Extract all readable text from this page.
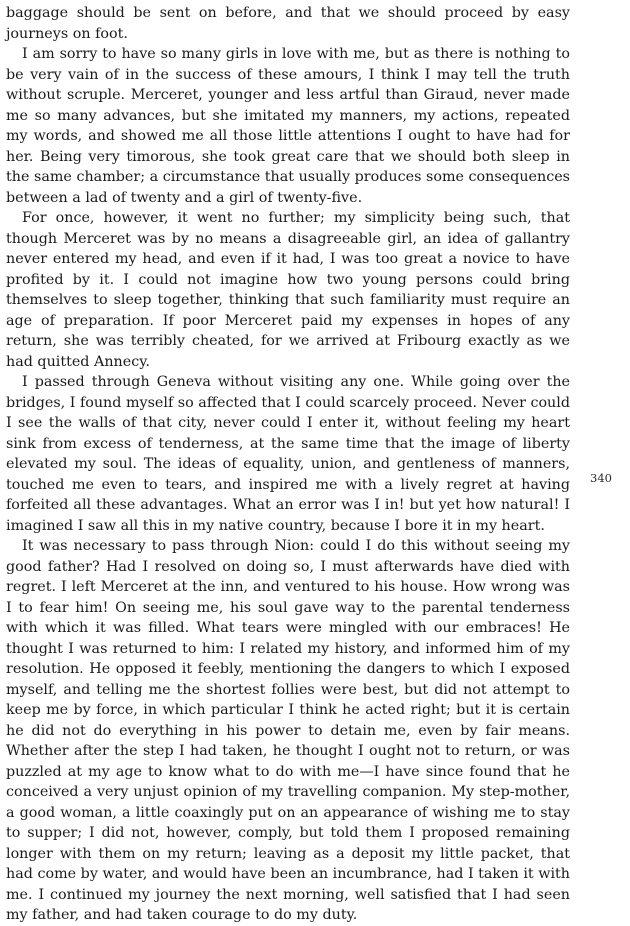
baggage should be sent on before, and that we should proceed by easy journeys on foot.

I am sorry to have so many girls in love with me, but as there is nothing to be very vain of in the success of these amours, I think I may tell the truth without scruple. Merceret, younger and less artful than Giraud, never made me so many advances, but she imitated my manners, my actions, repeated my words, and showed me all those little attentions I ought to have had for her. Being very timorous, she took great care that we should both sleep in the same chamber; a circumstance that usually produces some consequences between a lad of twenty and a girl of twenty-five.

For once, however, it went no further; my simplicity being such, that though Merceret was by no means a disagreeable girl, an idea of gallantry never entered my head, and even if it had, I was too great a novice to have profited by it. I could not imagine how two young persons could bring themselves to sleep together, thinking that such familiarity must require an age of preparation. If poor Merceret paid my expenses in hopes of any return, she was terribly cheated, for we arrived at Fribourg exactly as we had quitted Annecy.

I passed through Geneva without visiting any one. While going over the bridges, I found myself so affected that I could scarcely proceed. Never could I see the walls of that city, never could I enter it, without feeling my heart sink from excess of tenderness, at the same time that the image of liberty elevated my soul. The ideas of equality, union, and gentleness of manners, touched me even to tears, and inspired me with a lively regret at having forfeited all these advantages. What an error was I in! but yet how natural! I imagined I saw all this in my native country, because I bore it in my heart.

It was necessary to pass through Nion: could I do this without seeing my good father? Had I resolved on doing so, I must afterwards have died with regret. I left Merceret at the inn, and ventured to his house. How wrong was I to fear him! On seeing me, his soul gave way to the parental tenderness with which it was filled. What tears were mingled with our embraces! He thought I was returned to him: I related my history, and informed him of my resolution. He opposed it feebly, mentioning the dangers to which I exposed myself, and telling me the shortest follies were best, but did not attempt to keep me by force, in which particular I think he acted right; but it is certain he did not do everything in his power to detain me, even by fair means. Whether after the step I had taken, he thought I ought not to return, or was puzzled at my age to know what to do with me—I have since found that he conceived a very unjust opinion of my travelling companion. My step-mother, a good woman, a little coaxingly put on an appearance of wishing me to stay to supper; I did not, however, comply, but told them I proposed remaining longer with them on my return; leaving as a deposit my little packet, that had come by water, and would have been an incumbrance, had I taken it with me. I continued my journey the next morning, well satisfied that I had seen my father, and had taken courage to do my duty.

340
